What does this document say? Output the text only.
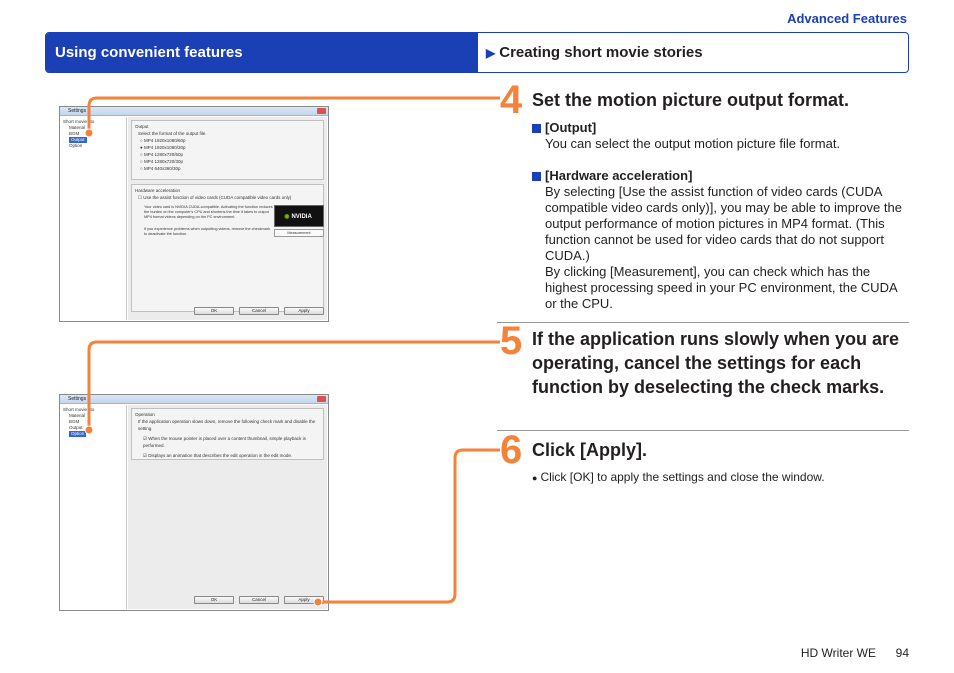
Advanced Features
Using convenient features	▶ Creating short movie stories
Settings
Short movie sto
Material
BGM
Output
Option
Output
Select the format of the output file.
○ MP4 1920x1080/60p
● MP4 1920x1080/30p
○ MP4 1280x720/60p
○ MP4 1280x720/30p
○ MP4 640x360/30p
Hardware acceleration
☐ Use the assist function of video cards (CUDA compatible video cards only)
Your video card is NVIDIA CUDA-compatible. Activating the function reduces the burden on the computer's CPU and shortens the time it takes to output MP4 format videos depending on the PC environment.
If you experience problems when outputting videos, remove the checkmark to deactivate the function.
◉ NVIDIA
Measurement
OK	Cancel	Apply
Settings
Short movie sto
Material
BGM
Output
Option
Operation
If the application operation slows down, remove the following check mark and disable the setting.
☑ When the mouse pointer is placed over a content thumbnail, simple playback is performed.
☑ Displays an animation that describes the edit operation in the edit mode.
OK	Cancel	Apply
4 Set the motion picture output format.
[Output]
You can select the output motion picture file format.
[Hardware acceleration]
By selecting [Use the assist function of video cards (CUDA compatible video cards only)], you may be able to improve the output performance of motion pictures in MP4 format. (This function cannot be used for video cards that do not support CUDA.)
By clicking [Measurement], you can check which has the highest processing speed in your PC environment, the CUDA or the CPU.
5 If the application runs slowly when you are operating, cancel the settings for each function by deselecting the check marks.
6 Click [Apply].
● Click [OK] to apply the settings and close the window.
HD Writer WE 94
